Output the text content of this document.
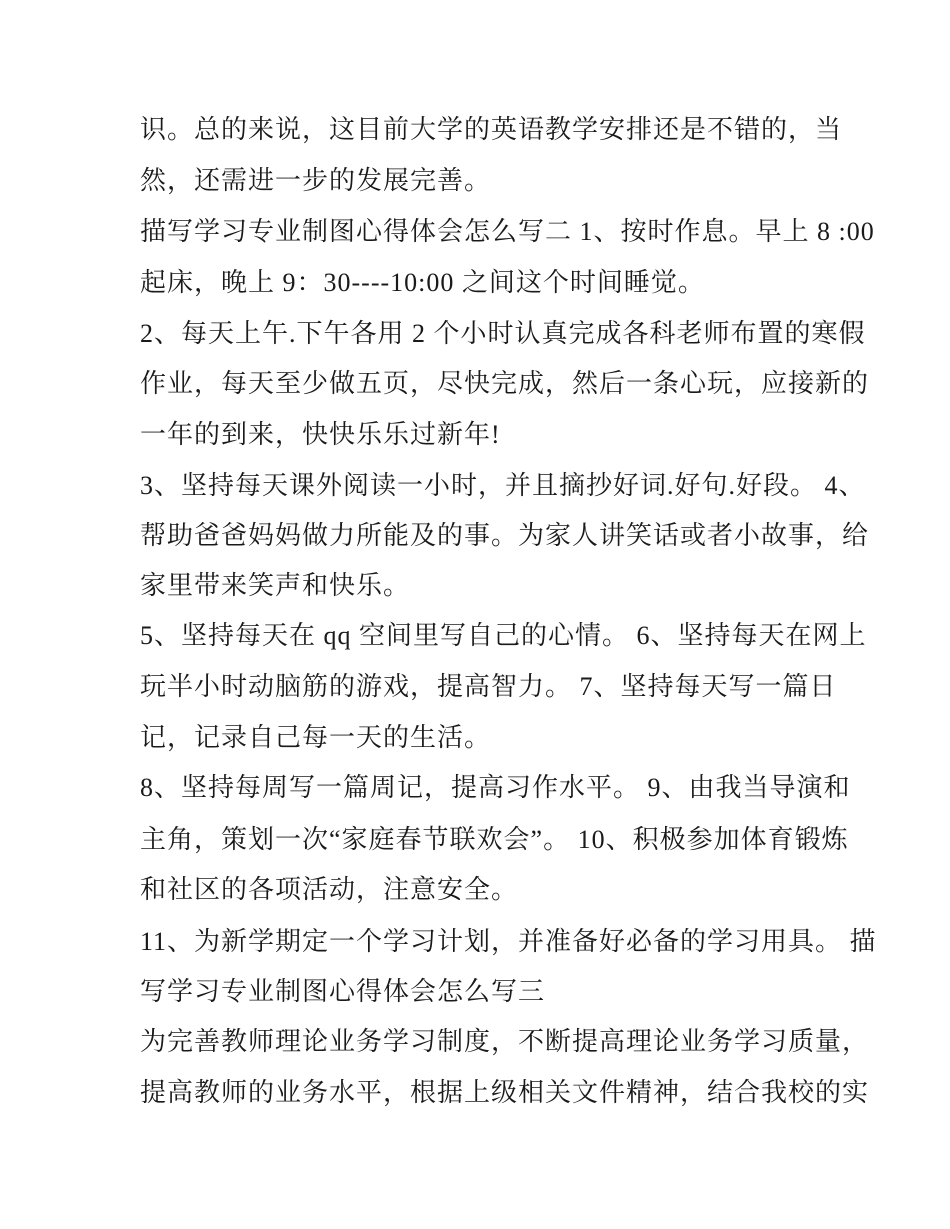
识。总的来说，这目前大学的英语教学安排还是不错的，当
然，还需进一步的发展完善。
描写学习专业制图心得体会怎么写二 1、按时作息。早上 8 :00
起床，晚上 9：30----10:00 之间这个时间睡觉。
2、每天上午.下午各用 2 个小时认真完成各科老师布置的寒假
作业，每天至少做五页，尽快完成，然后一条心玩，应接新的
一年的到来，快快乐乐过新年!
3、坚持每天课外阅读一小时，并且摘抄好词.好句.好段。 4、
帮助爸爸妈妈做力所能及的事。为家人讲笑话或者小故事，给
家里带来笑声和快乐。
5、坚持每天在 qq 空间里写自己的心情。 6、坚持每天在网上
玩半小时动脑筋的游戏，提高智力。 7、坚持每天写一篇日
记，记录自己每一天的生活。
8、坚持每周写一篇周记，提高习作水平。 9、由我当导演和
主角，策划一次“家庭春节联欢会”。 10、积极参加体育锻炼
和社区的各项活动，注意安全。
11、为新学期定一个学习计划，并准备好必备的学习用具。 描
写学习专业制图心得体会怎么写三
为完善教师理论业务学习制度，不断提高理论业务学习质量，
提高教师的业务水平，根据上级相关文件精神，结合我校的实
